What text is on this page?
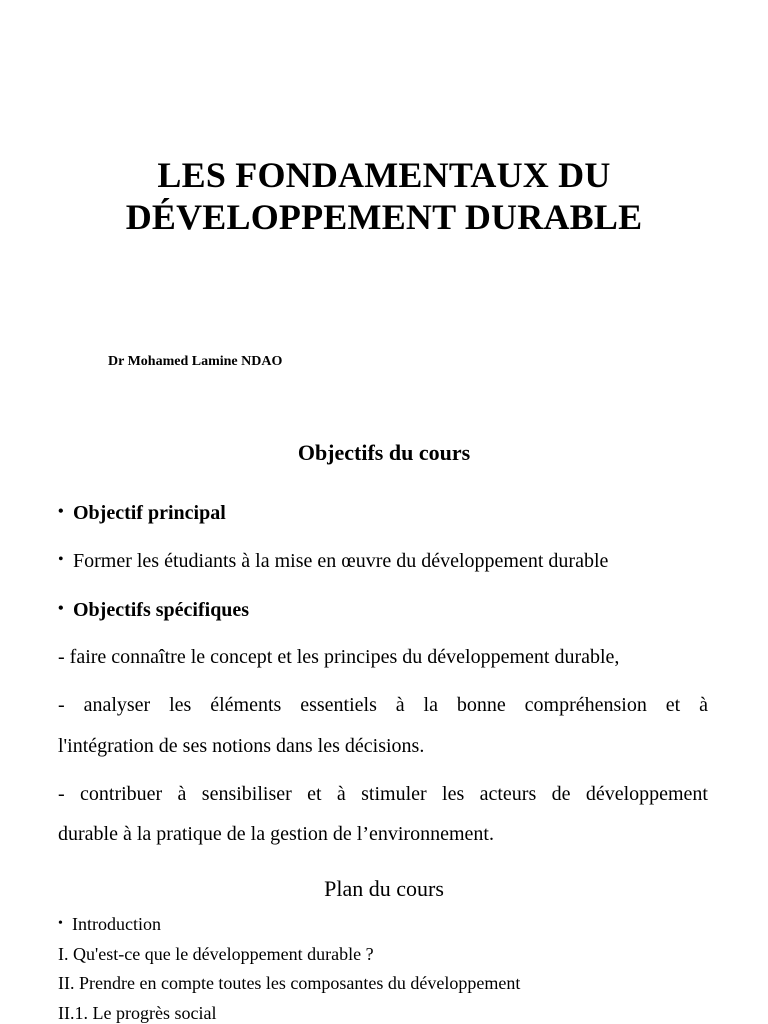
LES FONDAMENTAUX DU
DÉVELOPPEMENT DURABLE
Dr Mohamed Lamine NDAO
Objectifs du cours
• Objectif principal
• Former les étudiants à la mise en œuvre du développement durable
• Objectifs spécifiques
- faire connaître le concept et les principes du développement durable,
- analyser les éléments essentiels à la bonne compréhension et à
l'intégration de ses notions dans les décisions.
- contribuer à sensibiliser et à stimuler les acteurs de développement
durable à la pratique de la gestion de l’environnement.
Plan du cours
• Introduction
I. Qu'est-ce que le développement durable ?
II. Prendre en compte toutes les composantes du développement
II.1. Le progrès social
